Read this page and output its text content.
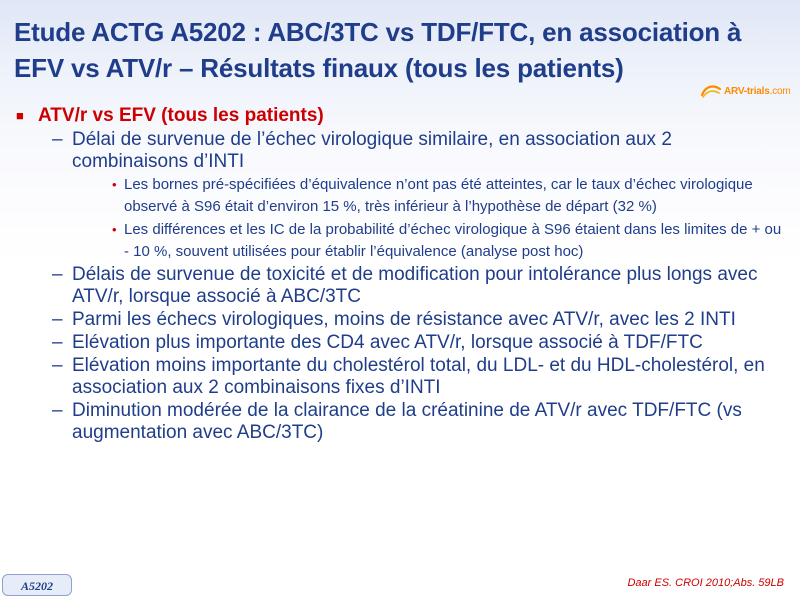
Etude ACTG A5202 : ABC/3TC vs TDF/FTC, en association à
EFV vs ATV/r – Résultats finaux (tous les patients)
ARV-trials.com
■ ATV/r vs EFV (tous les patients)
– Délai de survenue de l’échec virologique similaire, en association aux 2 combinaisons d’INTI
• Les bornes pré-spécifiées d’équivalence n’ont pas été atteintes, car le taux d’échec virologique observé à S96 était d’environ 15 %, très inférieur à l’hypothèse de départ (32 %)
• Les différences et les IC de la probabilité d’échec virologique à S96 étaient dans les limites de + ou - 10 %, souvent utilisées pour établir l’équivalence (analyse post hoc)
– Délais de survenue de toxicité et de modification pour intolérance plus longs avec ATV/r, lorsque associé à ABC/3TC
– Parmi les échecs virologiques, moins de résistance avec ATV/r, avec les 2 INTI
– Elévation plus importante des CD4 avec ATV/r, lorsque associé à TDF/FTC
– Elévation moins importante du cholestérol total, du LDL- et du HDL-cholestérol, en association aux 2 combinaisons fixes d’INTI
– Diminution modérée de la clairance de la créatinine de ATV/r avec TDF/FTC (vs augmentation avec ABC/3TC)
A5202	Daar ES. CROI 2010;Abs. 59LB
